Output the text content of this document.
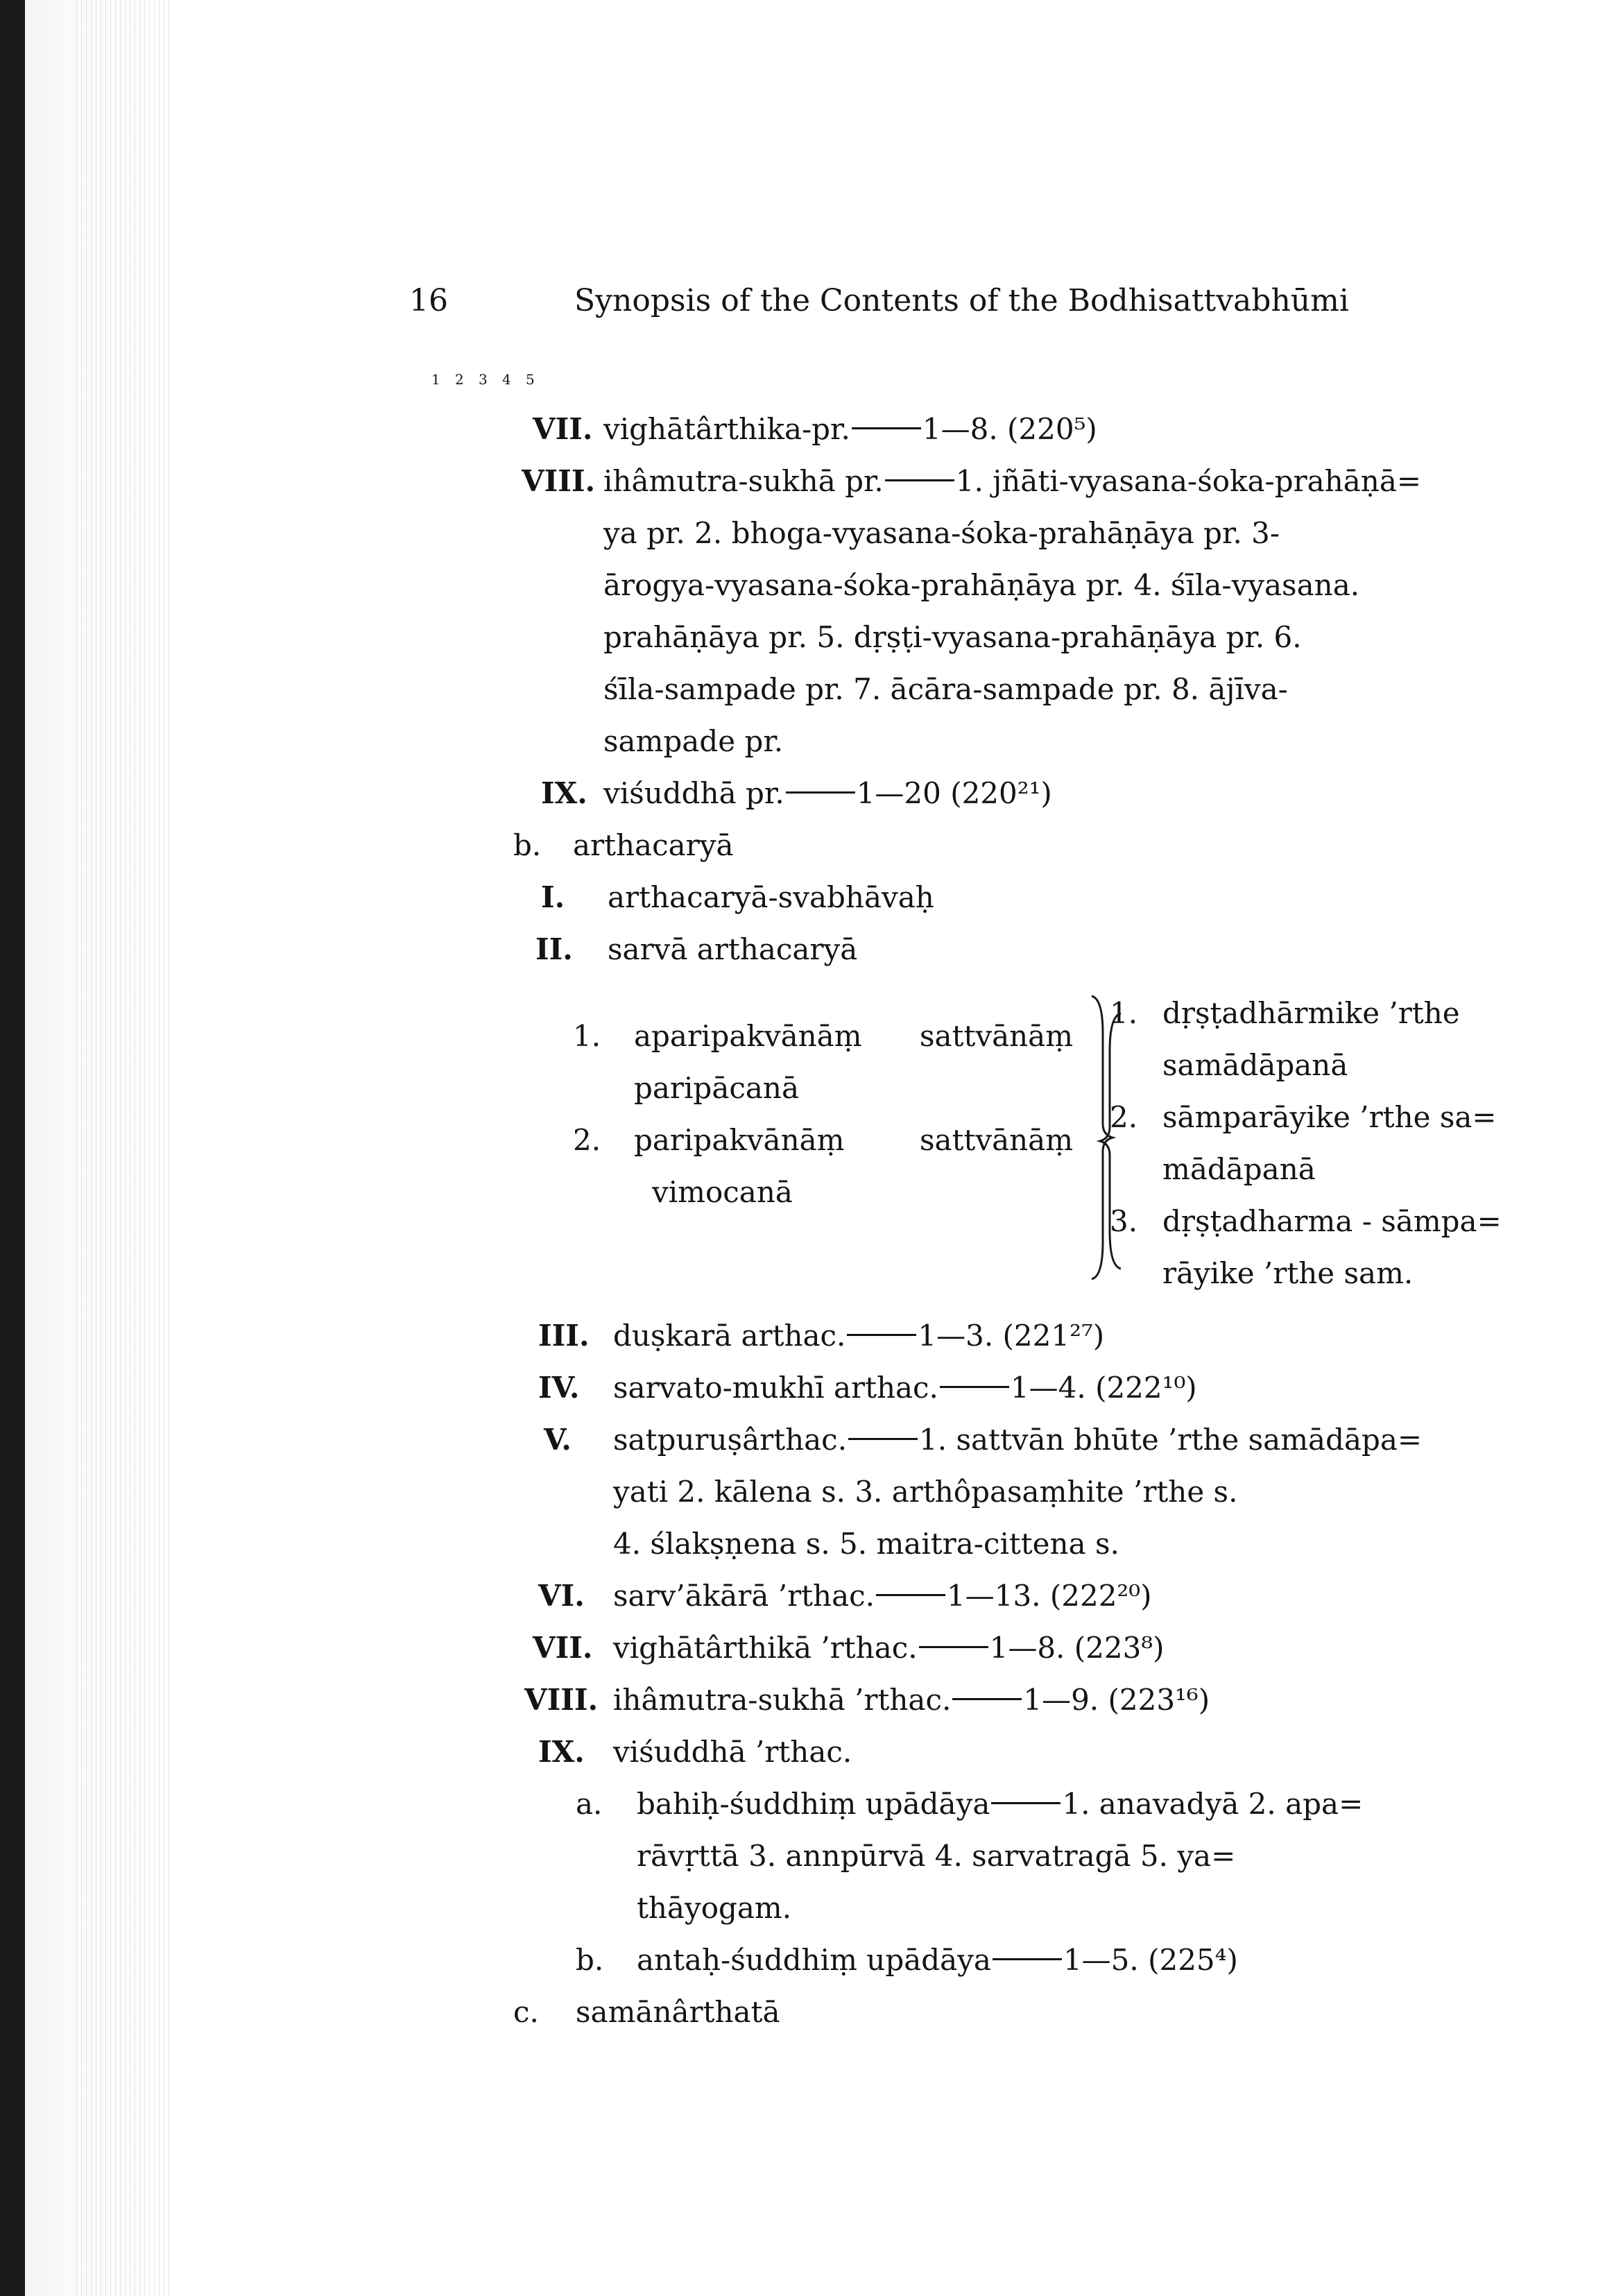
16	Synopsis of the Contents of the Bodhisattvabhūmi
1 2 3 4 5
VII. vighātârthika-pr. 1—8. (220⁵)
VIII. ihâmutra-sukhā pr. 1. jñāti-vyasana-śoka-prahāṇā=
ya pr. 2. bhoga-vyasana-śoka-prahāṇāya pr. 3-
ārogya-vyasana-śoka-prahāṇāya pr. 4. śīla-vyasana.
prahāṇāya pr. 5. dṛṣṭi-vyasana-prahāṇāya pr. 6.
śīla-sampade pr. 7. ācāra-sampade pr. 8. ājīva-
sampade pr.
IX. viśuddhā pr. 1—20 (220²¹)
b. arthacaryā
I. arthacaryā-svabhāvaḥ
II. sarvā arthacaryā
1. aparipakvānāṃ sattvānāṃ
paripācanā
2. paripakvānāṃ	sattvānāṃ
vimocanā
1. dṛṣṭadhārmike ’rthe
samādāpanā
2. sāmparāyike ’rthe sa=
mādāpanā
3. dṛṣṭadharma - sāmpa=
rāyike ’rthe sam.
III. duṣkarā arthac. 1—3. (221²⁷)
IV. sarvato-mukhī arthac. 1—4. (222¹⁰)
V. satpuruṣârthac. 1. sattvān bhūte ’rthe samādāpa=
yati 2. kālena s. 3. arthôpasaṃhite ’rthe s.
4. ślakṣṇena s. 5. maitra-cittena s.
VI. sarv’ākārā ’rthac. 1—13. (222²⁰)
VII. vighātârthikā ’rthac. 1—8. (223⁸)
VIII. ihâmutra-sukhā ’rthac. 1—9. (223¹⁶)
IX. viśuddhā ’rthac.
a. bahiḥ-śuddhiṃ upādāya 1. anavadyā 2. apa=
rāvṛttā 3. annpūrvā 4. sarvatragā 5. ya=
thāyogam.
b. antaḥ-śuddhiṃ upādāya 1—5. (225⁴)
c. samānârthatā
